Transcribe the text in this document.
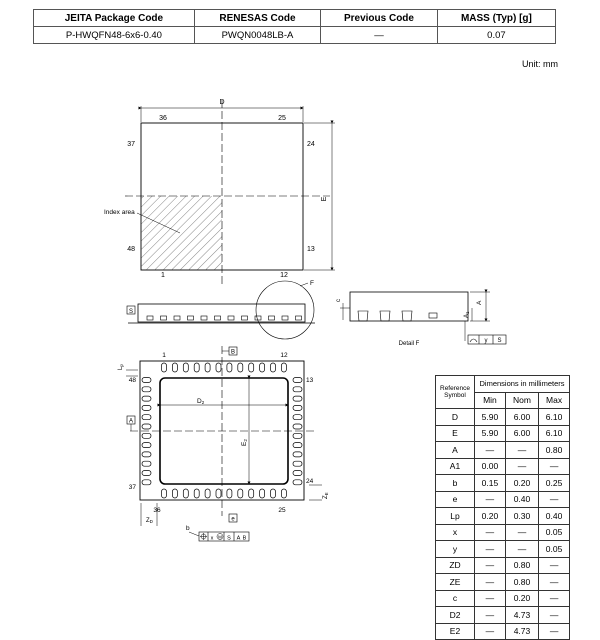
JEITA Package Code	RENESAS Code	Previous Code	MASS (Typ) [g]
P-HWQFN48-6x6-0.40	PWQN0048LB-A	—	0.07
Unit: mm
D
E
36	25
37	24
48	13
1	12
Index area
S
F
c
A
A1
y S
Detail F
1	12
13
24
25
36
37
48
B
A
Lp
D2
E2
ZE
ZD
b
e
x M S A B
Reference Symbol	Dimensions in millimeters		
	Min	Nom	Max
D	5.90	6.00	6.10
E	5.90	6.00	6.10
A	—	—	0.80
A1	0.00	—	—
b	0.15	0.20	0.25
e	—	0.40	—
Lp	0.20	0.30	0.40
x	—	—	0.05
y	—	—	0.05
ZD	—	0.80	—
ZE	—	0.80	—
c	—	0.20	—
D2	—	4.73	—
E2	—	4.73	—
